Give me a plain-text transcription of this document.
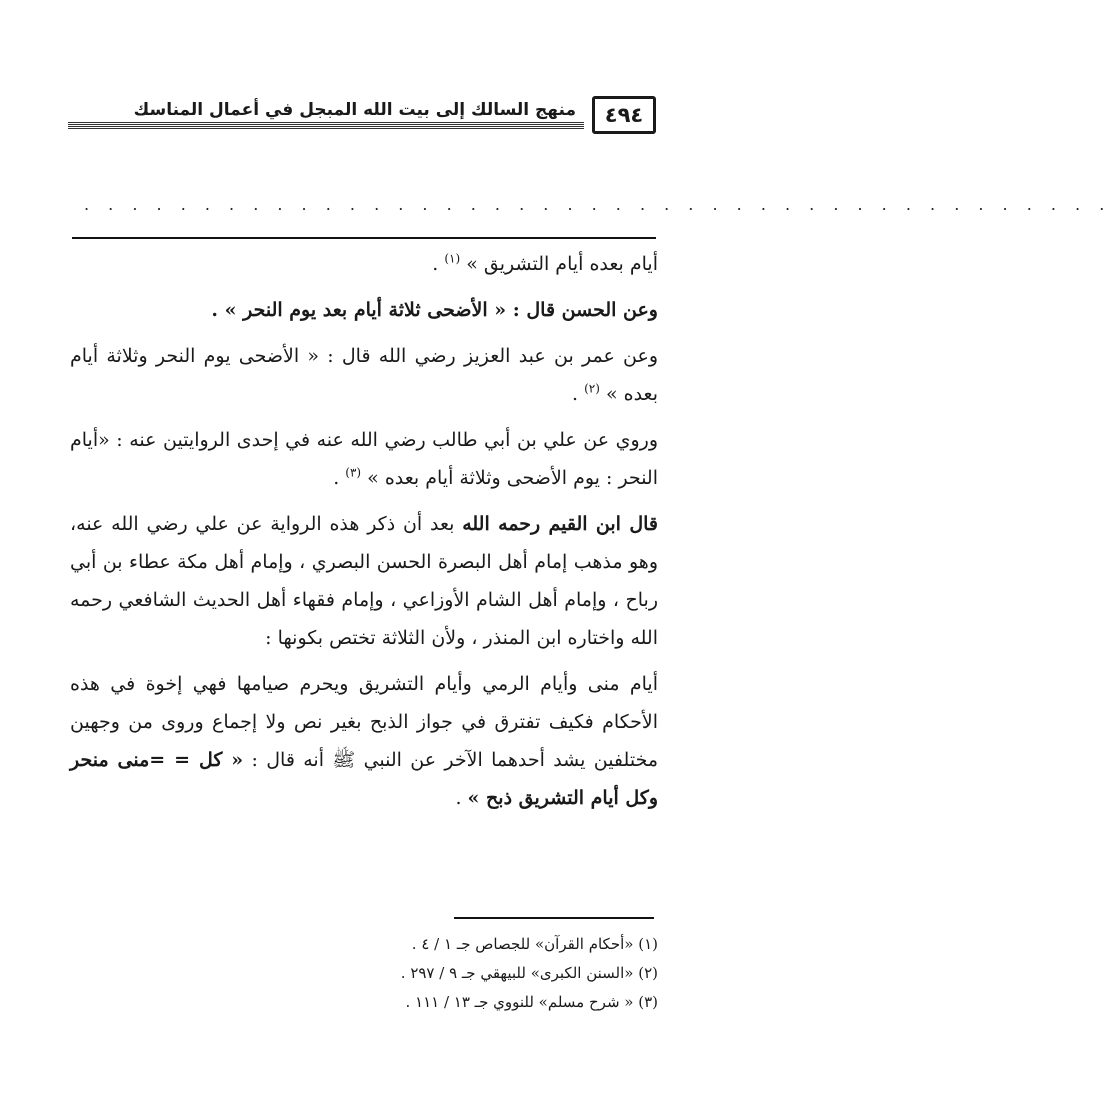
منهج السالك إلى بيت الله المبجل في أعمال المناسك	٤٩٤
. . . . . . . . . . . . . . . . . . . . . . . . . . . . . . . . . . . . . . . . . . .

أيام بعده أيام التشريق » $^{(١)}$ .

وعن الحسن قال : « الأضحى ثلاثة أيام بعد يوم النحر » .

وعن عمر بن عبد العزيز رضي الله قال : « الأضحى يوم النحر وثلاثة أيام بعده » $^{(٢)}$ .

وروي عن علي بن أبي طالب رضي الله عنه في إحدى الروايتين عنه : «أيام النحر : يوم الأضحى وثلاثة أيام بعده » $^{(٣)}$ .

قال ابن القيم رحمه الله بعد أن ذكر هذه الرواية عن علي رضي الله عنه، وهو مذهب إمام أهل البصرة الحسن البصري ، وإمام أهل مكة عطاء بن أبي رباح ، وإمام أهل الشام الأوزاعي ، وإمام فقهاء أهل الحديث الشافعي رحمه الله واختاره ابن المنذر ، ولأن الثلاثة تختص بكونها :

أيام منى وأيام الرمي وأيام التشريق ويحرم صيامها فهي إخوة في هذه الأحكام فكيف تفترق في جواز الذبح بغير نص ولا إجماع وروى من وجهين مختلفين يشد أحدهما الآخر عن النبي ﷺ أنه قال : « كل = =منى منحر وكل أيام التشريق ذبح » .

(١) «أحكام القرآن» للجصاص جـ ١ / ٤ .
(٢) «السنن الكبرى» للبيهقي جـ ٩ / ٢٩٧ .
(٣) « شرح مسلم» للنووي جـ ١٣ / ١١١ .
